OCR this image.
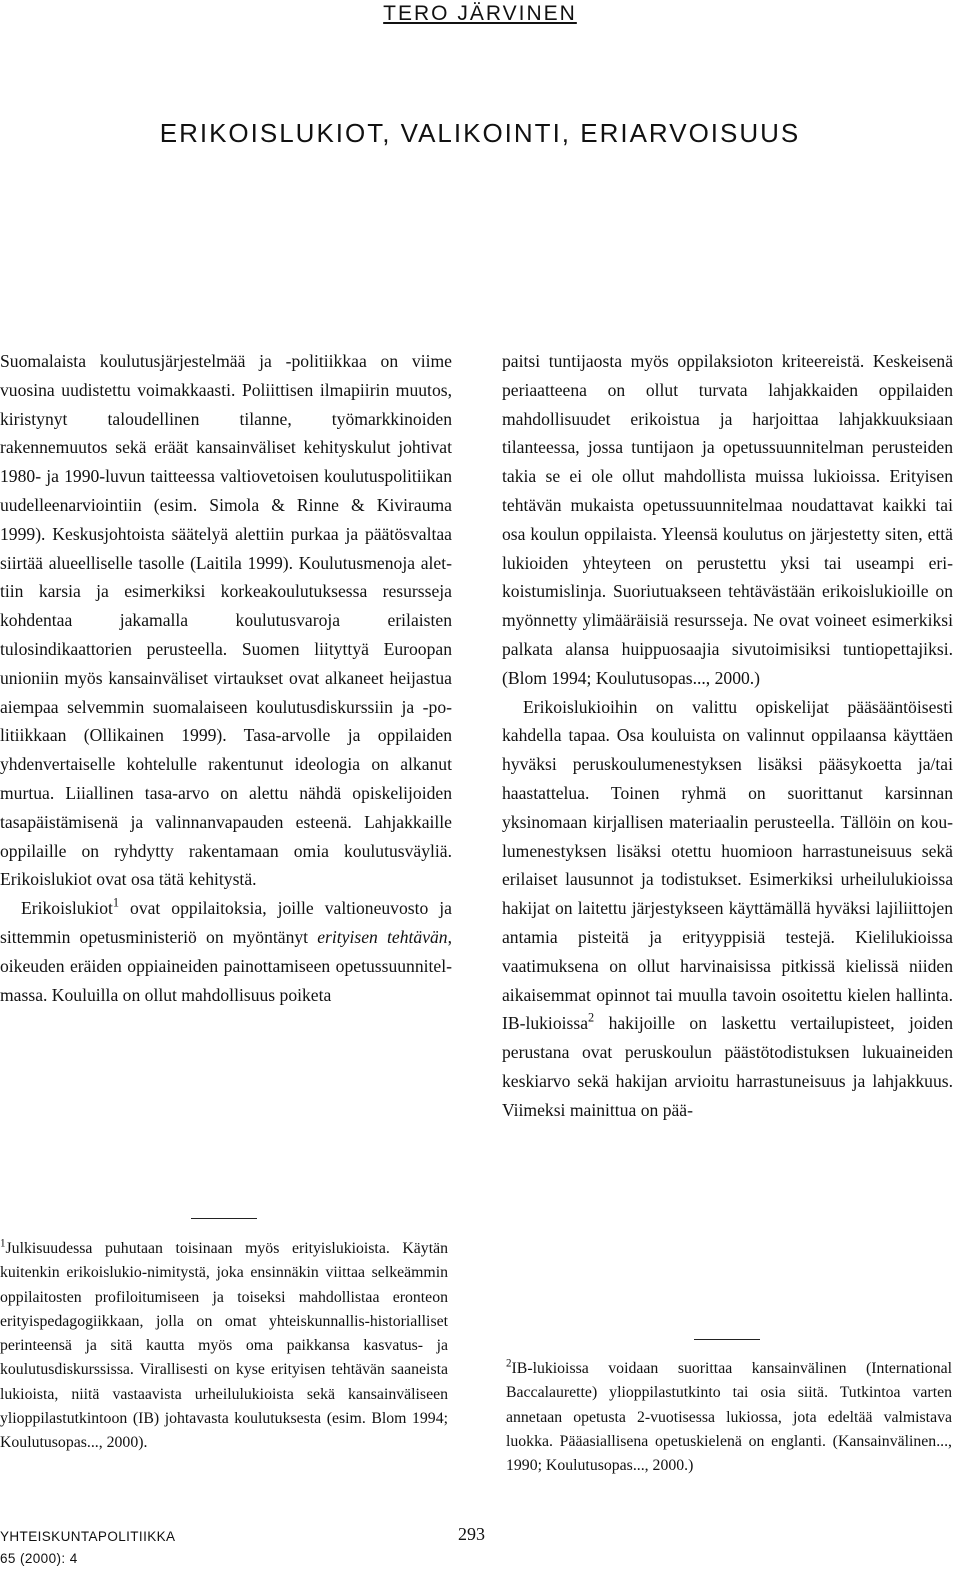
TERO JÄRVINEN
ERIKOISLUKIOT, VALIKOINTI, ERIARVOISUUS

Suomalaista koulutusjärjestelmää ja -politiikkaa on viime vuosina uudistettu voimakkaasti. Poliittisen ilmapiirin muutos, kiristynyt taloudellinen tilanne, työmarkkinoiden rakennemuutos sekä eräät kansainväliset kehityskulut johtivat 1980- ja 1990-luvun taitteessa valtiovetoisen koulutuspolitiikan uudelleenarviointiin (esim. Simola & Rinne & Kivirauma 1999). Keskusjohtoista säätelyä alettiin purkaa ja päätösvaltaa siirtää alueelliselle tasolle (Laitila 1999). Koulutusmenoja alettiin karsia ja esimerkiksi korkeakoulutuksessa resursseja kohdentaa jakamalla koulutusvaroja erilaisten tulosindikaattorien perusteella. Suomen liityttyä Euroopan unioniin myös kansainväliset virtaukset ovat alkaneet heijastua aiempaa selvemmin suomalaiseen koulutusdiskurssiin ja -politiikkaan (Ollikainen 1999). Tasa-arvolle ja oppilaiden yhdenvertaiselle kohtelulle rakentunut ideologia on alkanut murtua. Liiallinen tasa-arvo on alettu nähdä opiskelijoiden tasapäistämisenä ja valinnanvapauden esteenä. Lahjakkaille oppilaille on ryhdytty rakentamaan omia koulutusväyliä. Erikoislukiot ovat osa tätä kehitystä.

Erikoislukiot$^1$ ovat oppilaitoksia, joille valtioneuvosto ja sittemmin opetusministeriö on myöntänyt erityisen tehtävän, oikeuden eräiden oppiaineiden painottamiseen opetussuunnitelmassa. Kouluilla on ollut mahdollisuus poiketa

paitsi tuntijaosta myös oppilaksioton kriteereistä. Keskeisenä periaatteena on ollut turvata lahjakkaiden oppilaiden mahdollisuudet erikoistua ja harjoittaa lahjakkuuksiaan tilanteessa, jossa tuntijaon ja opetussuunnitelman perusteiden takia se ei ole ollut mahdollista muissa lukioissa. Erityisen tehtävän mukaista opetussuunnitelmaa noudattavat kaikki tai osa koulun oppilaista. Yleensä koulutus on järjestetty siten, että lukioiden yhteyteen on perustettu yksi tai useampi erikoistumislinja. Suoriutuakseen tehtävästään erikoislukioille on myönnetty ylimääräisiä resursseja. Ne ovat voineet esimerkiksi palkata alansa huippuosaajia sivutoimisiksi tuntiopettajiksi. (Blom 1994; Koulutusopas..., 2000.)

Erikoislukioihin on valittu opiskelijat pääsääntöisesti kahdella tapaa. Osa kouluista on valinnut oppilaansa käyttäen hyväksi peruskoulumenestyksen lisäksi pääsykoetta ja/tai haastattelua. Toinen ryhmä on suorittanut karsinnan yksinomaan kirjallisen materiaalin perusteella. Tällöin on koulumenestyksen lisäksi otettu huomioon harrastuneisuus sekä erilaiset lausunnot ja todistukset. Esimerkiksi urheilulukioissa hakijat on laitettu järjestykseen käyttämällä hyväksi lajiliittojen antamia pisteitä ja erityyppisiä testejä. Kielilukioissa vaatimuksena on ollut harvinaisissa pitkissä kielissä niiden aikaisemmat opinnot tai muulla tavoin osoitettu kielen hallinta. IB-lukioissa$^2$ hakijoille on laskettu vertailupisteet, joiden perustana ovat peruskoulun päästötodistuksen lukuaineiden keskiarvo sekä hakijan arvioitu harrastuneisuus ja lahjakkuus. Viimeksi mainittua on pää-

$^1$Julkisuudessa puhutaan toisinaan myös erityislukioista. Käytän kuitenkin erikoislukio-nimitystä, joka ensinnäkin viittaa selkeämmin oppilaitosten profiloitumiseen ja toiseksi mahdollistaa eronteon erityispedagogiikkaan, jolla on omat yhteiskunnallis-historialliset perinteensä ja sitä kautta myös oma paikkansa kasvatus- ja koulutusdiskurssissa. Virallisesti on kyse erityisen tehtävän saaneista lukioista, niitä vastaavista urheilulukioista sekä kansainväliseen ylioppilastutkintoon (IB) johtavasta koulutuksesta (esim. Blom 1994; Koulutusopas..., 2000).

$^2$IB-lukioissa voidaan suorittaa kansainvälinen (International Baccalaurette) ylioppilastutkinto tai osia siitä. Tutkintoa varten annetaan opetusta 2-vuotisessa lukiossa, jota edeltää valmistava luokka. Pääasiallisena opetuskielenä on englanti. (Kansainvälinen..., 1990; Koulutusopas..., 2000.)

YHTEISKUNTAPOLITIIKKA
65 (2000): 4
293
